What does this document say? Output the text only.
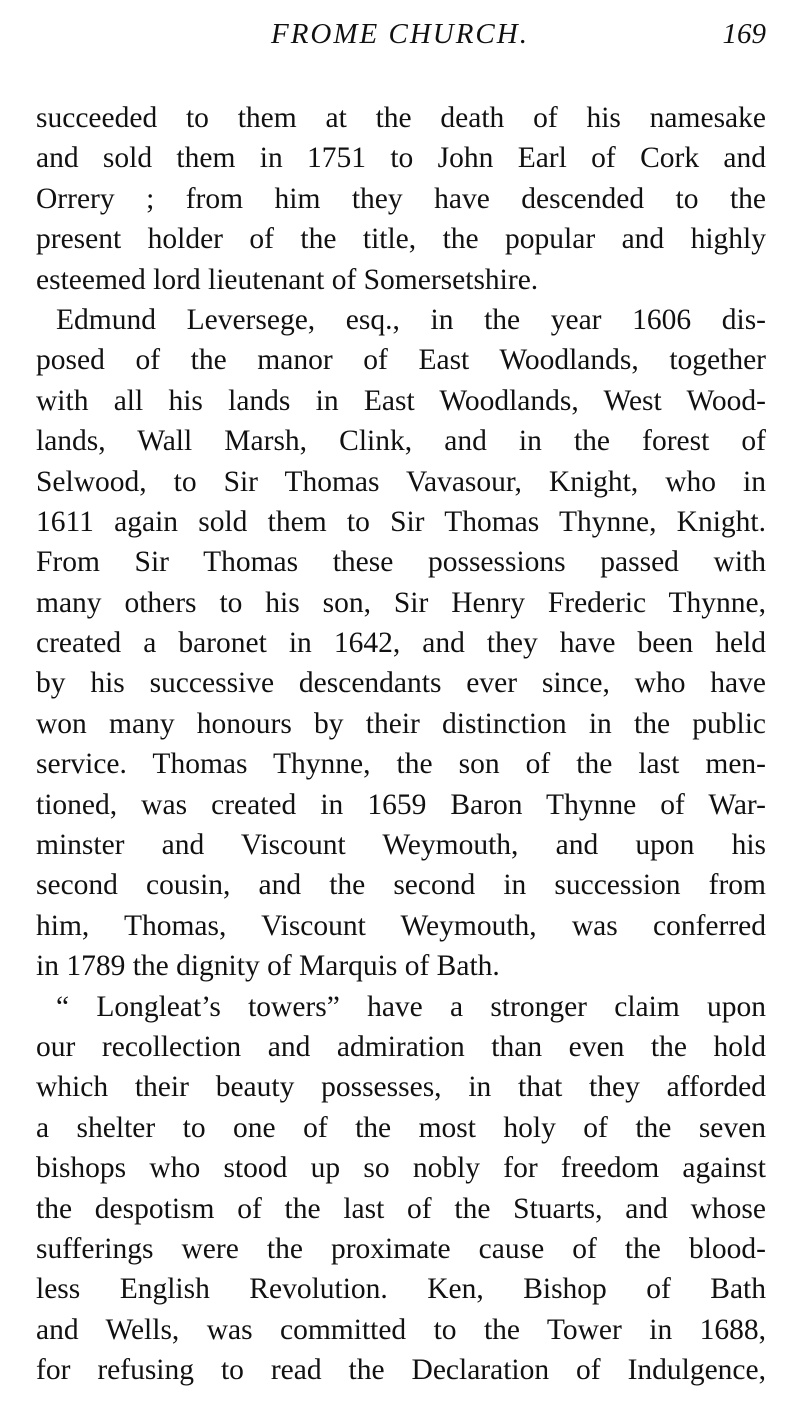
FROME CHURCH.	169
succeeded to them at the death of his namesake
and sold them in 1751 to John Earl of Cork and
Orrery ; from him they have descended to the
present holder of the title, the popular and highly
esteemed lord lieutenant of Somersetshire.
Edmund Leversege, esq., in the year 1606 dis-
posed of the manor of East Woodlands, together
with all his lands in East Woodlands, West Wood-
lands, Wall Marsh, Clink, and in the forest of
Selwood, to Sir Thomas Vavasour, Knight, who in
1611 again sold them to Sir Thomas Thynne, Knight.
From Sir Thomas these possessions passed with
many others to his son, Sir Henry Frederic Thynne,
created a baronet in 1642, and they have been held
by his successive descendants ever since, who have
won many honours by their distinction in the public
service. Thomas Thynne, the son of the last men-
tioned, was created in 1659 Baron Thynne of War-
minster and Viscount Weymouth, and upon his
second cousin, and the second in succession from
him, Thomas, Viscount Weymouth, was conferred
in 1789 the dignity of Marquis of Bath.
“ Longleat’s towers” have a stronger claim upon
our recollection and admiration than even the hold
which their beauty possesses, in that they afforded
a shelter to one of the most holy of the seven
bishops who stood up so nobly for freedom against
the despotism of the last of the Stuarts, and whose
sufferings were the proximate cause of the blood-
less English Revolution. Ken, Bishop of Bath
and Wells, was committed to the Tower in 1688,
for refusing to read the Declaration of Indulgence,
